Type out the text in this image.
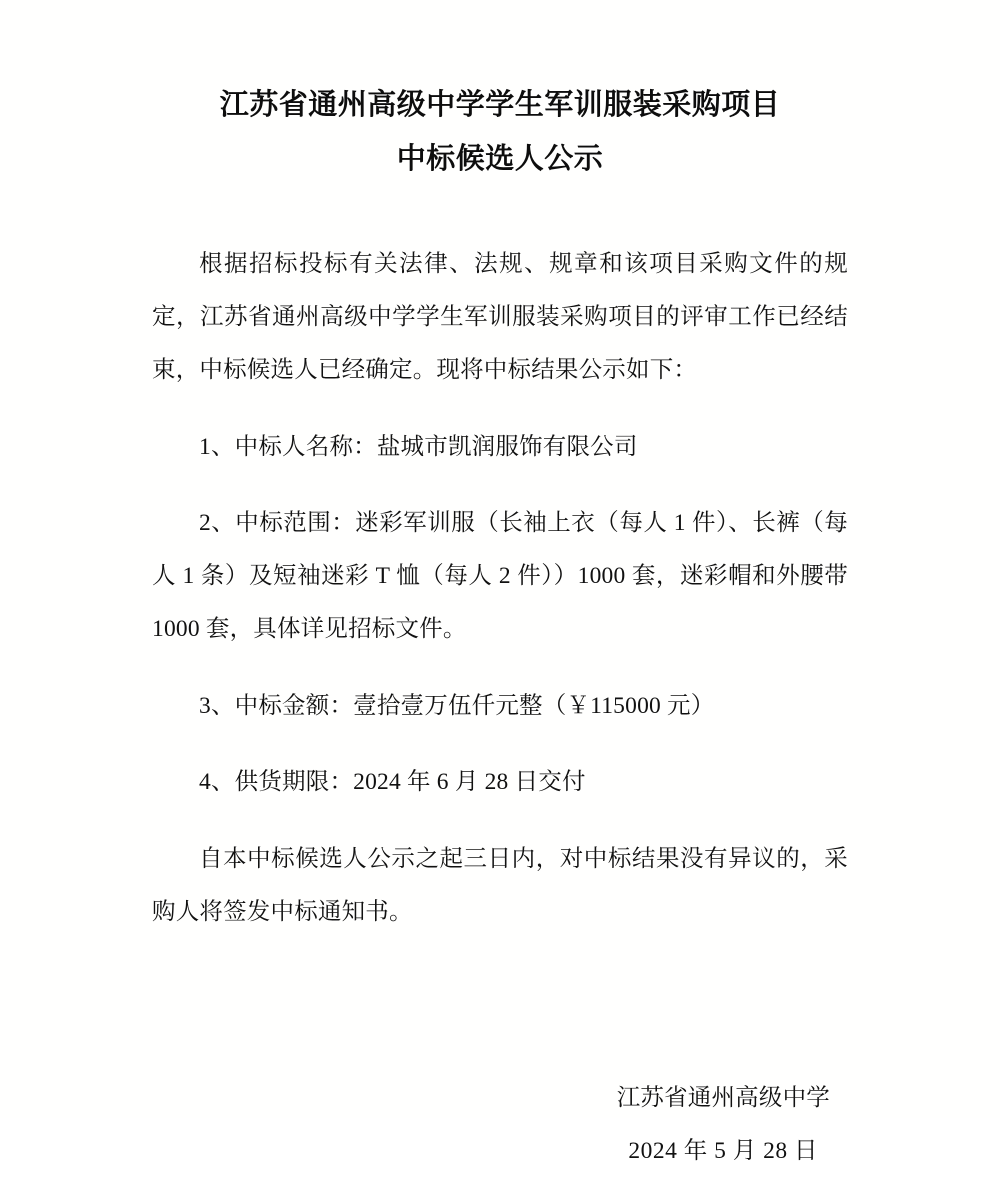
江苏省通州高级中学学生军训服装采购项目
中标候选人公示

根据招标投标有关法律、法规、规章和该项目采购文件的规定，江苏省通州高级中学学生军训服装采购项目的评审工作已经结束，中标候选人已经确定。现将中标结果公示如下：

1、中标人名称：盐城市凯润服饰有限公司

2、中标范围：迷彩军训服（长袖上衣（每人 1 件）、长裤（每人 1 条）及短袖迷彩 T 恤（每人 2 件））1000 套，迷彩帽和外腰带 1000 套，具体详见招标文件。

3、中标金额：壹拾壹万伍仟元整（￥115000 元）

4、供货期限：2024 年 6 月 28 日交付

自本中标候选人公示之起三日内，对中标结果没有异议的，采购人将签发中标通知书。

江苏省通州高级中学
2024 年 5 月 28 日
